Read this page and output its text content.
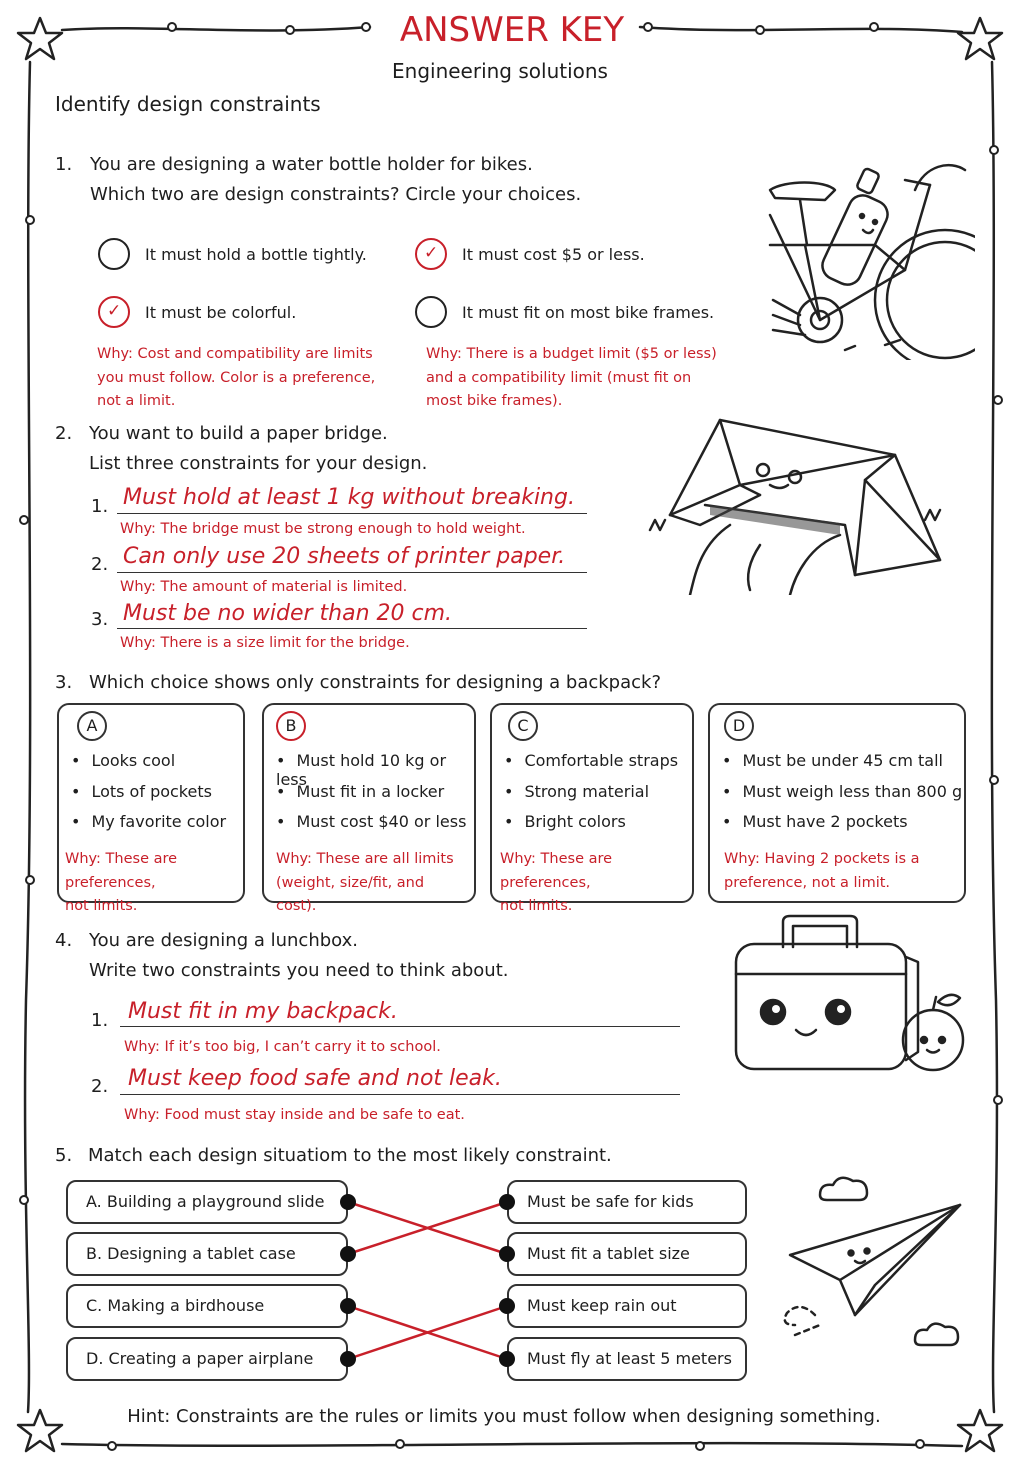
ANSWER KEY
Engineering solutions
Identify design constraints
1. You are designing a water bottle holder for bikes.
Which two are design constraints? Circle your choices.
It must hold a bottle tightly. ✓	It must cost $5 or less.
✓
It must be colorful.	It must fit on most bike frames.
Why: Cost and compatibility are limits
you must follow. Color is a preference,
not a limit.
Why: There is a budget limit ($5 or less)
and a compatibility limit (must fit on
most bike frames).
2. You want to build a paper bridge.
List three constraints for your design.
1. Must hold at least 1 kg without breaking.
Why: The bridge must be strong enough to hold weight.
2. Can only use 20 sheets of printer paper.
Why: The amount of material is limited.
3. Must be no wider than 20 cm.
Why: There is a size limit for the bridge.
3. Which choice shows only constraints for designing a backpack?
A
• Looks cool
• Lots of pockets
• My favorite color
Why: These are preferences,
not limits.
B
• Must hold 10 kg or less
• Must fit in a locker
• Must cost $40 or less
Why: These are all limits
(weight, size/fit, and cost).
C
• Comfortable straps
• Strong material
• Bright colors
Why: These are preferences,
not limits.
D
• Must be under 45 cm tall
• Must weigh less than 800 g
• Must have 2 pockets
Why: Having 2 pockets is a
preference, not a limit.
4. You are designing a lunchbox.
Write two constraints you need to think about.
1. Must fit in my backpack.
Why: If it’s too big, I can’t carry it to school.
2. Must keep food safe and not leak.
Why: Food must stay inside and be safe to eat.
5. Match each design situatiom to the most likely constraint.
A. Building a playground slide
B. Designing a tablet case
C. Making a birdhouse
D. Creating a paper airplane
Must be safe for kids
Must fit a tablet size
Must keep rain out
Must fly at least 5 meters
Hint: Constraints are the rules or limits you must follow when designing something.
